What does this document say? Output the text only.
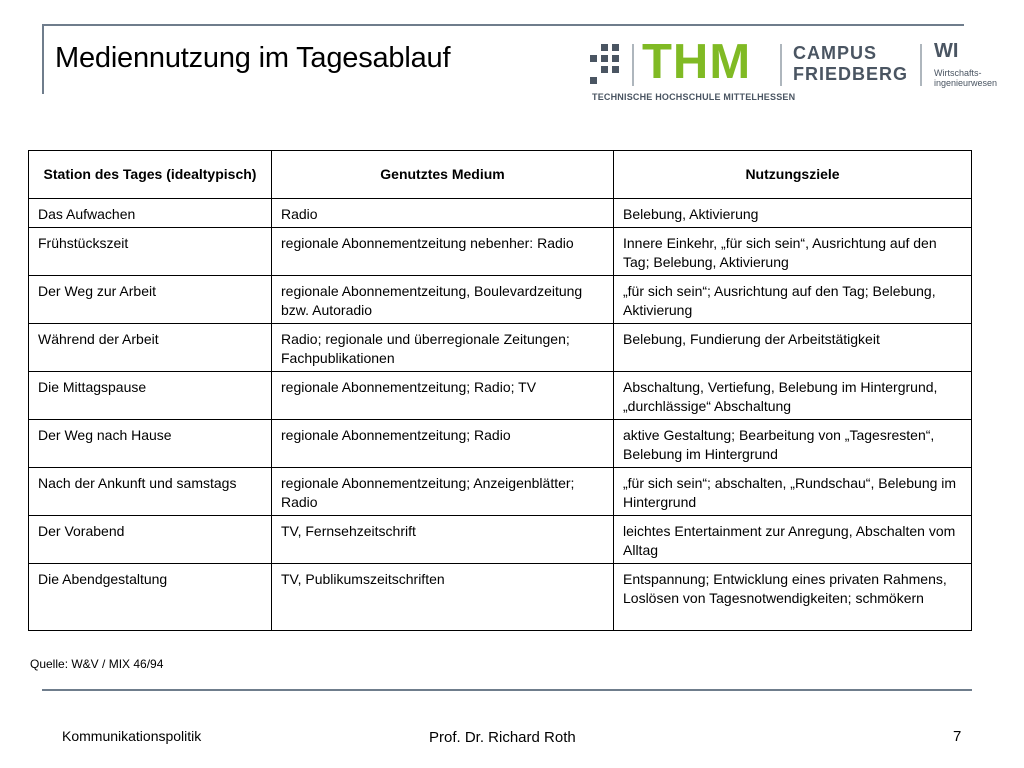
Mediennutzung im Tagesablauf	THM CAMPUS
FRIEDBERG
WI
Wirtschafts-
ingenieurwesen
TECHNISCHE HOCHSCHULE MITTELHESSEN
Station des Tages (idealtypisch)	Genutztes Medium	Nutzungsziele
Das Aufwachen	Radio	Belebung, Aktivierung
Frühstückszeit	regionale Abonnementzeitung nebenher: Radio	Innere Einkehr, „für sich sein“, Ausrichtung auf den Tag; Belebung, Aktivierung
Der Weg zur Arbeit	regionale Abonnementzeitung, Boulevardzeitung bzw. Autoradio	„für sich sein“; Ausrichtung auf den Tag; Belebung, Aktivierung
Während der Arbeit	Radio; regionale und überregionale Zeitungen; Fachpublikationen	Belebung, Fundierung der Arbeitstätigkeit
Die Mittagspause	regionale Abonnementzeitung; Radio; TV	Abschaltung, Vertiefung, Belebung im Hintergrund, „durchlässige“ Abschaltung
Der Weg nach Hause	regionale Abonnementzeitung; Radio	aktive Gestaltung; Bearbeitung von „Tagesresten“, Belebung im Hintergrund
Nach der Ankunft und samstags	regionale Abonnementzeitung; Anzeigenblätter; Radio	„für sich sein“; abschalten, „Rundschau“, Belebung im Hintergrund
Der Vorabend	TV, Fernsehzeitschrift	leichtes Entertainment zur Anregung, Abschalten vom Alltag
Die Abendgestaltung	TV, Publikumszeitschriften	Entspannung; Entwicklung eines privaten Rahmens, Loslösen von Tagesnotwendigkeiten; schmökern
Quelle: W&V / MIX 46/94
Kommunikationspolitik	Prof. Dr. Richard Roth	7
